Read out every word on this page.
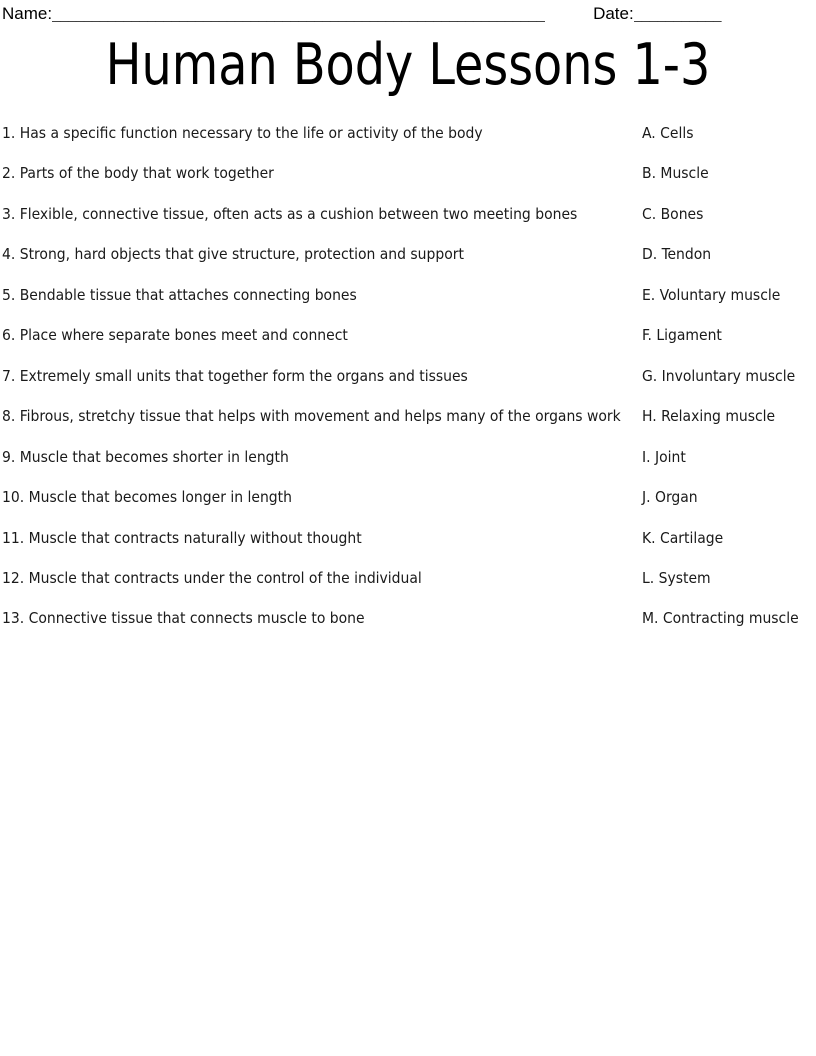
Name: ______________________________________________________________	Date: ___________
Human Body Lessons 1-3
1. Has a specific function necessary to the life or activity of the body	A. Cells
2. Parts of the body that work together	B. Muscle
3. Flexible, connective tissue, often acts as a cushion between two meeting bones	C. Bones
4. Strong, hard objects that give structure, protection and support	D. Tendon
5. Bendable tissue that attaches connecting bones	E. Voluntary muscle
6. Place where separate bones meet and connect	F. Ligament
7. Extremely small units that together form the organs and tissues	G. Involuntary muscle
8. Fibrous, stretchy tissue that helps with movement and helps many of the organs work	H. Relaxing muscle
9. Muscle that becomes shorter in length	I. Joint
10. Muscle that becomes longer in length	J. Organ
11. Muscle that contracts naturally without thought	K. Cartilage
12. Muscle that contracts under the control of the individual	L. System
13. Connective tissue that connects muscle to bone	M. Contracting muscle
